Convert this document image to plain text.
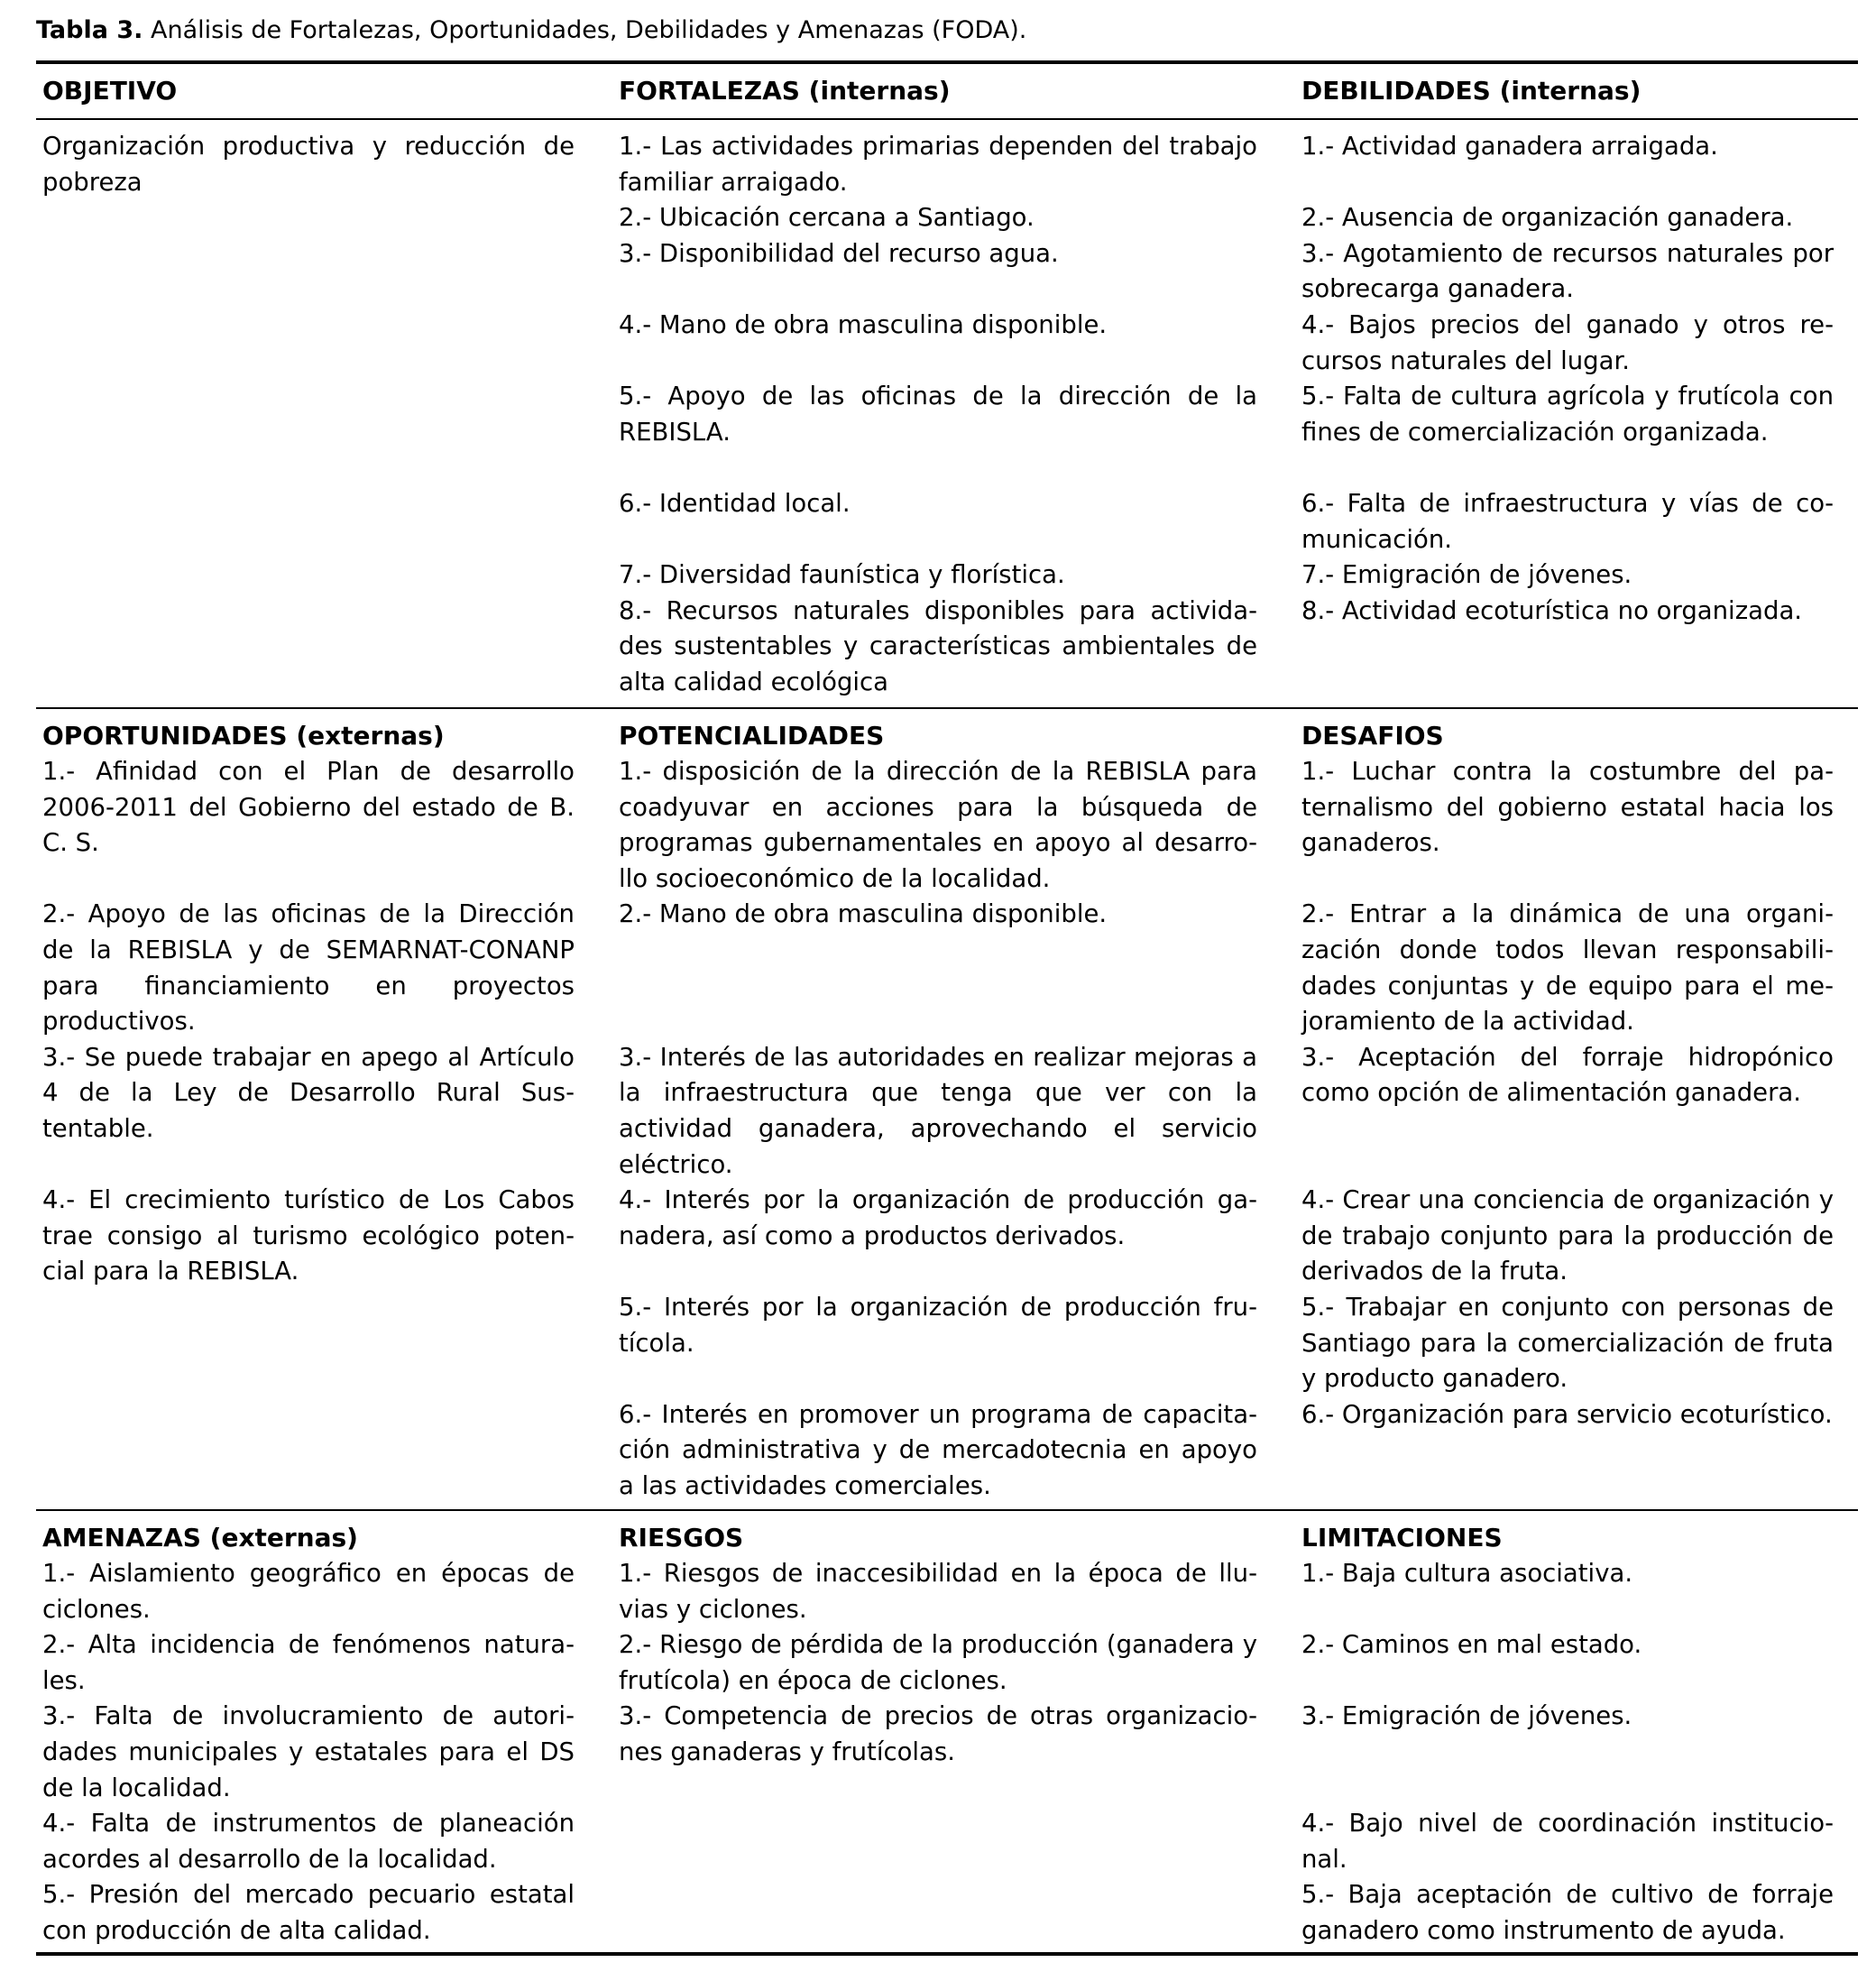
Tabla 3. Análisis de Fortalezas, Oportunidades, Debilidades y Amenazas (FODA).
OBJETIVO	FORTALEZAS (internas)	DEBILIDADES (internas)
Organización productiva y reducción de pobreza
1.- Las actividades primarias dependen del trabajo familiar arraigado.
2.- Ubicación cercana a Santiago.
3.- Disponibilidad del recurso agua.
4.- Mano de obra masculina disponible.
5.- Apoyo de las oficinas de la dirección de la REBISLA.
6.- Identidad local.
7.- Diversidad faunística y florística.
8.- Recursos naturales disponibles para actividades sustentables y características ambientales de alta calidad ecológica
1.- Actividad ganadera arraigada.
2.- Ausencia de organización ganadera.
3.- Agotamiento de recursos naturales por sobrecarga ganadera.
4.- Bajos precios del ganado y otros recursos naturales del lugar.
5.- Falta de cultura agrícola y frutícola con fines de comercialización organizada.
6.- Falta de infraestructura y vías de comunicación.
7.- Emigración de jóvenes.
8.- Actividad ecoturística no organizada.
OPORTUNIDADES (externas)
1.- Afinidad con el Plan de desarrollo 2006-2011 del Gobierno del estado de B. C. S.
2.- Apoyo de las oficinas de la Dirección de la REBISLA y de SEMARNAT-CONANP para financiamiento en proyectos productivos.
3.- Se puede trabajar en apego al Artículo 4 de la Ley de Desarrollo Rural Sustentable.
4.- El crecimiento turístico de Los Cabos trae consigo al turismo ecológico potencial para la REBISLA.
POTENCIALIDADES
1.- disposición de la dirección de la REBISLA para coadyuvar en acciones para la búsqueda de programas gubernamentales en apoyo al desarrollo socioeconómico de la localidad.
2.- Mano de obra masculina disponible.
3.- Interés de las autoridades en realizar mejoras a la infraestructura que tenga que ver con la actividad ganadera, aprovechando el servicio eléctrico.
4.- Interés por la organización de producción ganadera, así como a productos derivados.
5.- Interés por la organización de producción frutícola.
6.- Interés en promover un programa de capacitación administrativa y de mercadotecnia en apoyo a las actividades comerciales.
DESAFIOS
1.- Luchar contra la costumbre del paternalismo del gobierno estatal hacia los ganaderos.
2.- Entrar a la dinámica de una organización donde todos llevan responsabilidades conjuntas y de equipo para el mejoramiento de la actividad.
3.- Aceptación del forraje hidropónico como opción de alimentación ganadera.
4.- Crear una conciencia de organización y de trabajo conjunto para la producción de derivados de la fruta.
5.- Trabajar en conjunto con personas de Santiago para la comercialización de fruta y producto ganadero.
6.- Organización para servicio ecoturístico.
AMENAZAS (externas)
1.- Aislamiento geográfico en épocas de ciclones.
2.- Alta incidencia de fenómenos naturales.
3.- Falta de involucramiento de autoridades municipales y estatales para el DS de la localidad.
4.- Falta de instrumentos de planeación acordes al desarrollo de la localidad.
5.- Presión del mercado pecuario estatal con producción de alta calidad.
RIESGOS
1.- Riesgos de inaccesibilidad en la época de lluvias y ciclones.
2.- Riesgo de pérdida de la producción (ganadera y frutícola) en época de ciclones.
3.- Competencia de precios de otras organizaciones ganaderas y frutícolas.
LIMITACIONES
1.- Baja cultura asociativa.
2.- Caminos en mal estado.
3.- Emigración de jóvenes.
4.- Bajo nivel de coordinación institucional.
5.- Baja aceptación de cultivo de forraje ganadero como instrumento de ayuda.
